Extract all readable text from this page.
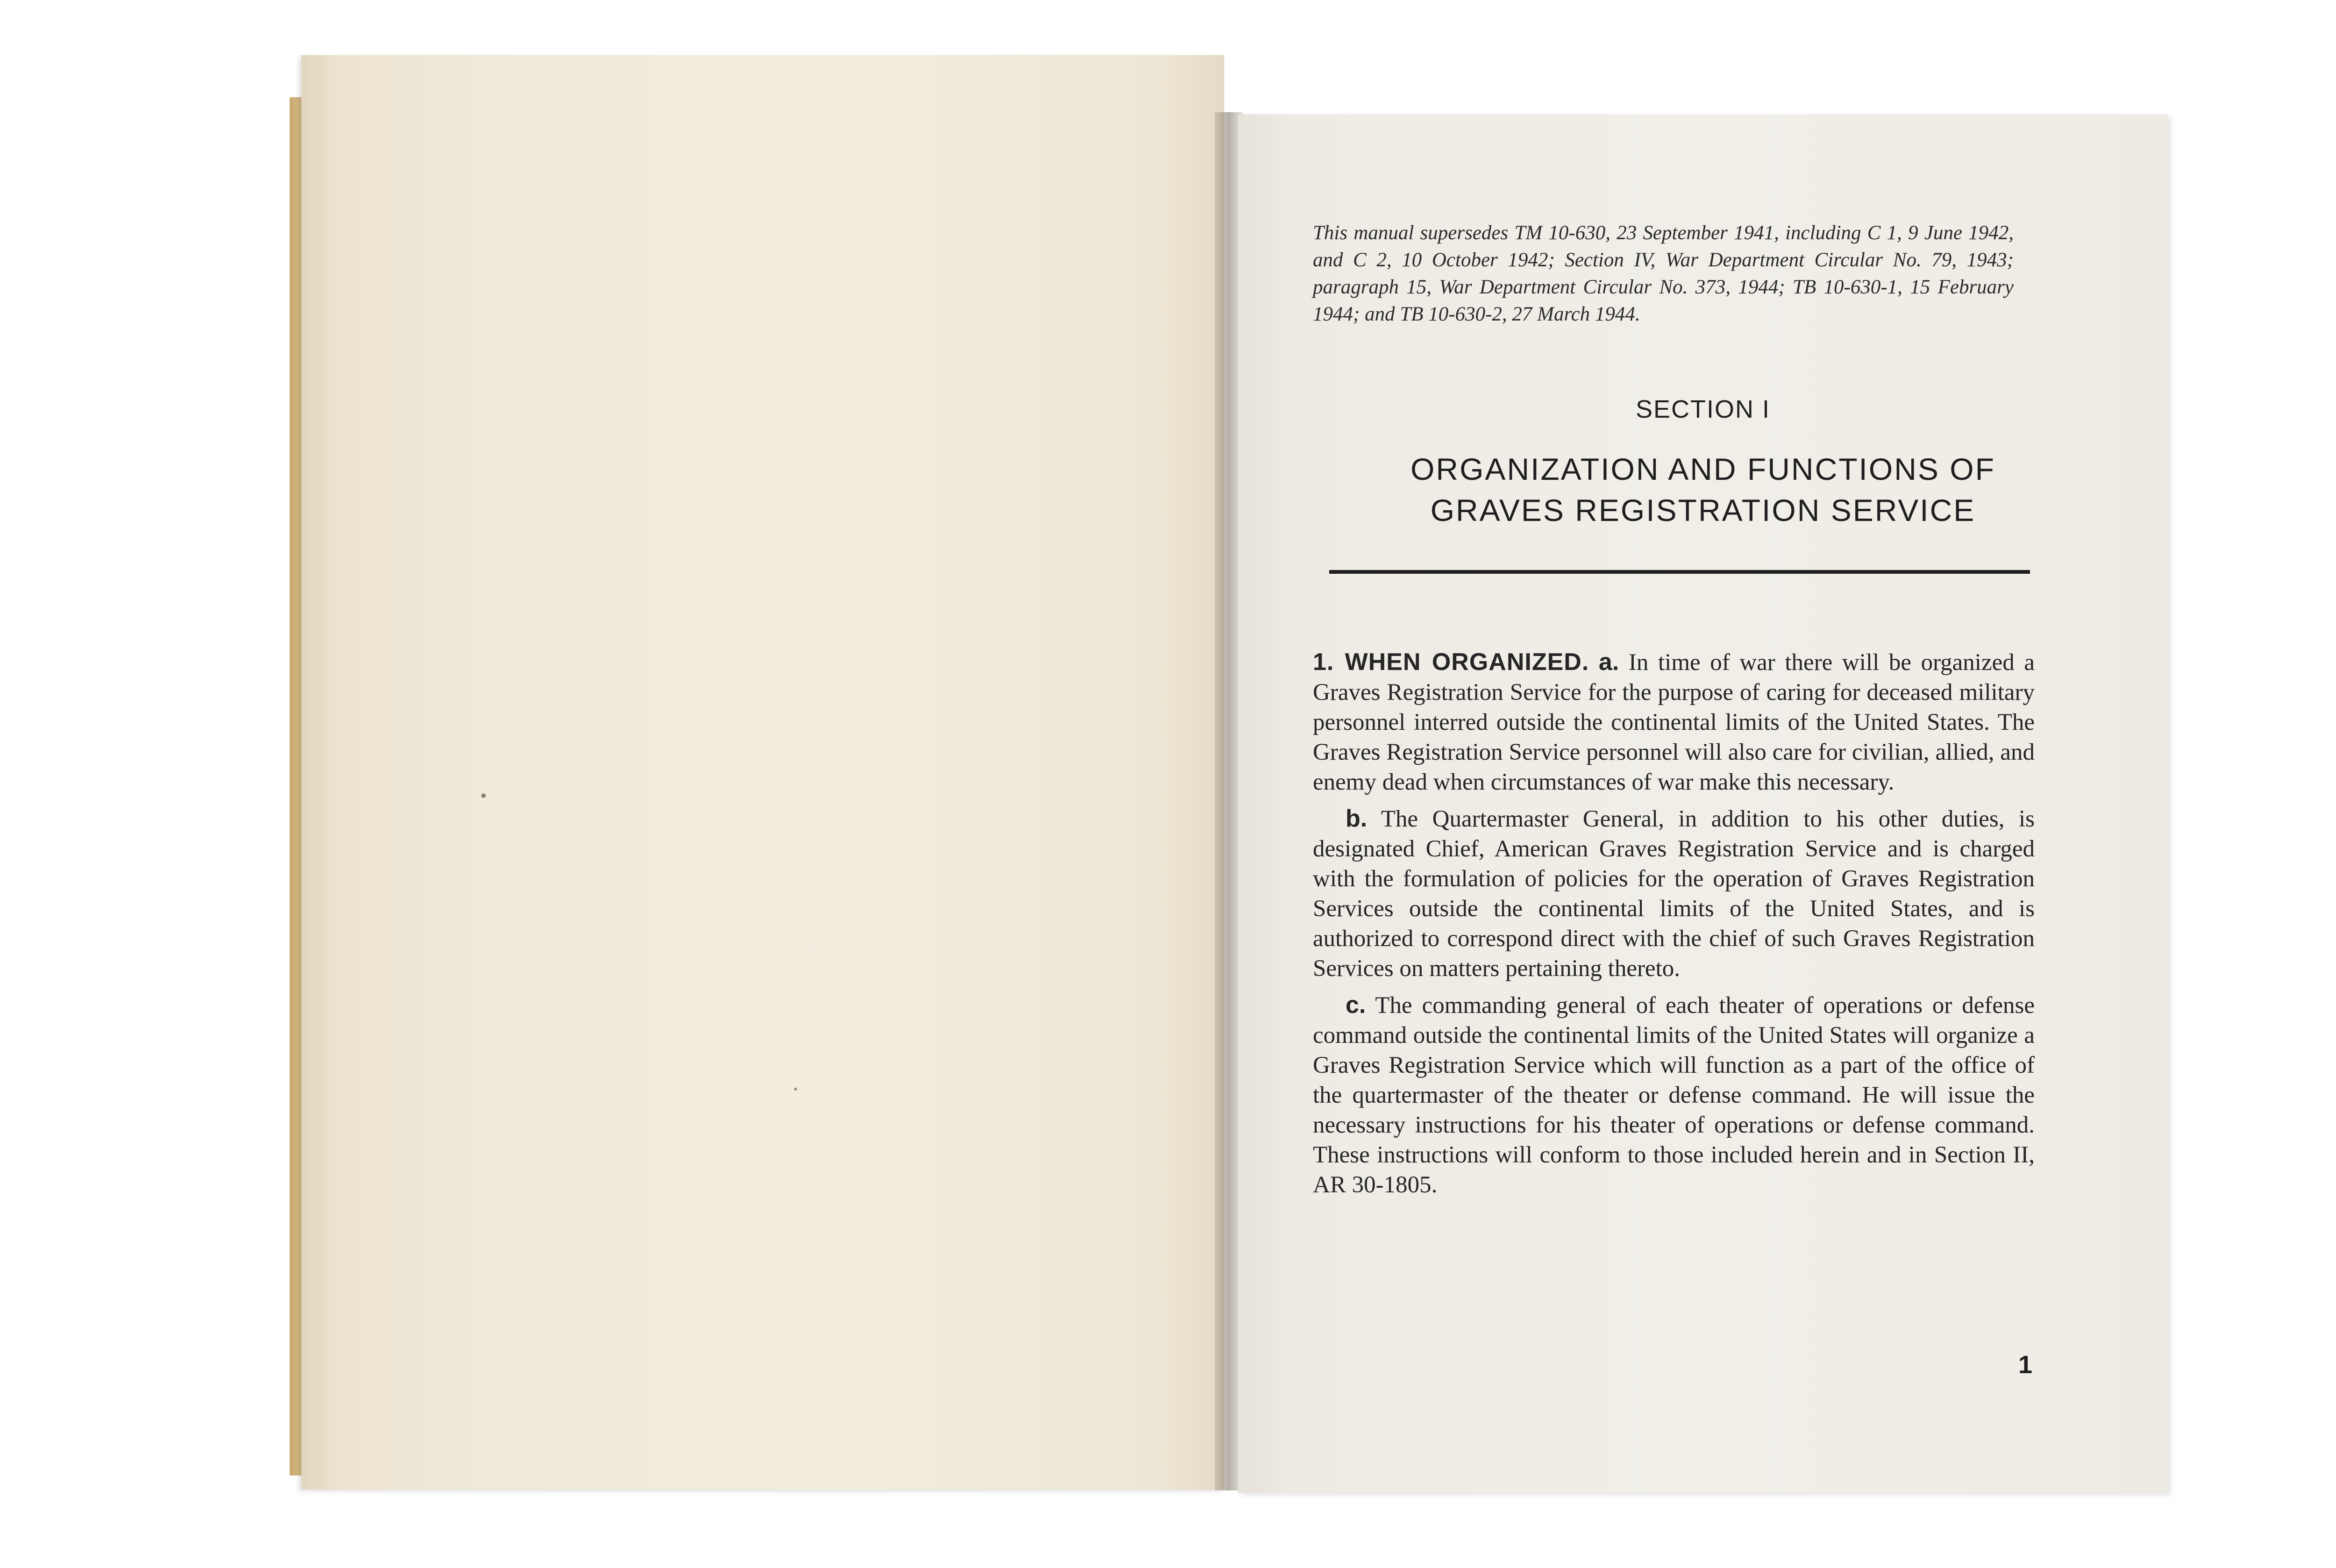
This manual supersedes TM 10-630, 23 September 1941, including C 1, 9 June 1942, and C 2, 10 October 1942; Section IV, War Department Circular No. 79, 1943; paragraph 15, War Department Circular No. 373, 1944; TB 10-630-1, 15 February 1944; and TB 10-630-2, 27 March 1944.

SECTION I

ORGANIZATION AND FUNCTIONS OF
GRAVES REGISTRATION SERVICE

1. WHEN ORGANIZED. a. In time of war there will be organized a Graves Registration Service for the purpose of caring for deceased military personnel interred outside the continental limits of the United States. The Graves Registration Service personnel will also care for civilian, allied, and enemy dead when circumstances of war make this necessary.

b. The Quartermaster General, in addition to his other duties, is designated Chief, American Graves Registration Service and is charged with the formulation of policies for the operation of Graves Registration Services outside the continental limits of the United States, and is authorized to correspond direct with the chief of such Graves Registration Services on matters pertaining thereto.

c. The commanding general of each theater of operations or defense command outside the continental limits of the United States will organize a Graves Registration Service which will function as a part of the office of the quartermaster of the theater or defense command. He will issue the necessary instructions for his theater of operations or defense command. These instructions will conform to those included herein and in Section II, AR 30-1805.

1
